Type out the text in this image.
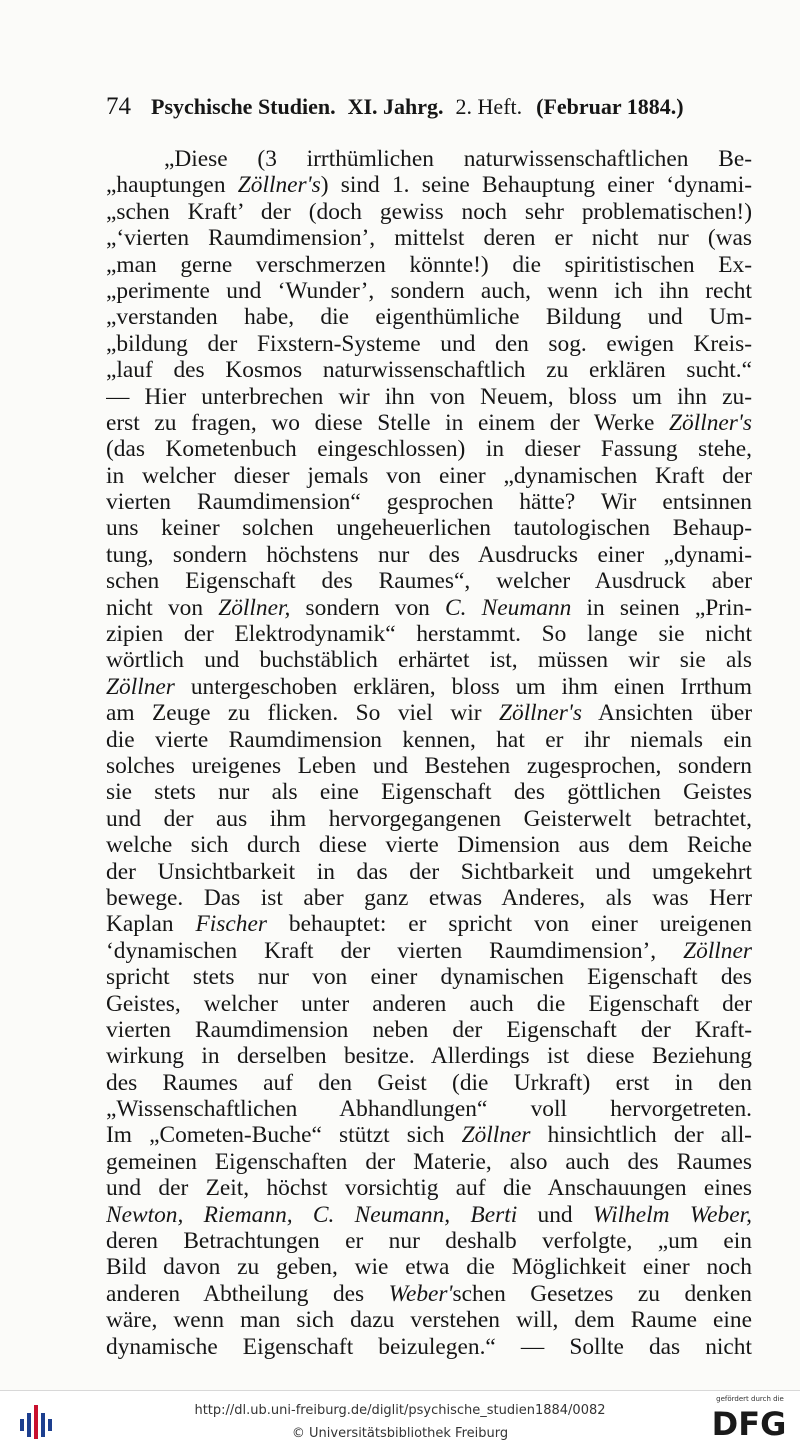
74 Psychische Studien. XI. Jahrg. 2. Heft. (Februar 1884.)
„Diese (3 irrthümlichen naturwissenschaftlichen Be-
„hauptungen Zöllner's) sind 1. seine Behauptung einer ‘dynami-
„schen Kraft’ der (doch gewiss noch sehr problematischen!)
„‘vierten Raumdimension’, mittelst deren er nicht nur (was
„man gerne verschmerzen könnte!) die spiritistischen Ex-
„perimente und ‘Wunder’, sondern auch, wenn ich ihn recht
„verstanden habe, die eigenthümliche Bildung und Um-
„bildung der Fixstern-Systeme und den sog. ewigen Kreis-
„lauf des Kosmos naturwissenschaftlich zu erklären sucht.“
— Hier unterbrechen wir ihn von Neuem, bloss um ihn zu-
erst zu fragen, wo diese Stelle in einem der Werke Zöllner's
(das Kometenbuch eingeschlossen) in dieser Fassung stehe,
in welcher dieser jemals von einer „dynamischen Kraft der
vierten Raumdimension“ gesprochen hätte? Wir entsinnen
uns keiner solchen ungeheuerlichen tautologischen Behaup-
tung, sondern höchstens nur des Ausdrucks einer „dynami-
schen Eigenschaft des Raumes“, welcher Ausdruck aber
nicht von Zöllner, sondern von C. Neumann in seinen „Prin-
zipien der Elektrodynamik“ herstammt. So lange sie nicht
wörtlich und buchstäblich erhärtet ist, müssen wir sie als
Zöllner untergeschoben erklären, bloss um ihm einen Irrthum
am Zeuge zu flicken. So viel wir Zöllner's Ansichten über
die vierte Raumdimension kennen, hat er ihr niemals ein
solches ureigenes Leben und Bestehen zugesprochen, sondern
sie stets nur als eine Eigenschaft des göttlichen Geistes
und der aus ihm hervorgegangenen Geisterwelt betrachtet,
welche sich durch diese vierte Dimension aus dem Reiche
der Unsichtbarkeit in das der Sichtbarkeit und umgekehrt
bewege. Das ist aber ganz etwas Anderes, als was Herr
Kaplan Fischer behauptet: er spricht von einer ureigenen
‘dynamischen Kraft der vierten Raumdimension’, Zöllner
spricht stets nur von einer dynamischen Eigenschaft des
Geistes, welcher unter anderen auch die Eigenschaft der
vierten Raumdimension neben der Eigenschaft der Kraft-
wirkung in derselben besitze. Allerdings ist diese Beziehung
des Raumes auf den Geist (die Urkraft) erst in den
„Wissenschaftlichen Abhandlungen“ voll hervorgetreten.
Im „Cometen-Buche“ stützt sich Zöllner hinsichtlich der all-
gemeinen Eigenschaften der Materie, also auch des Raumes
und der Zeit, höchst vorsichtig auf die Anschauungen eines
Newton, Riemann, C. Neumann, Berti und Wilhelm Weber,
deren Betrachtungen er nur deshalb verfolgte, „um ein
Bild davon zu geben, wie etwa die Möglichkeit einer noch
anderen Abtheilung des Weber'schen Gesetzes zu denken
wäre, wenn man sich dazu verstehen will, dem Raume eine
dynamische Eigenschaft beizulegen.“ — Sollte das nicht
http://dl.ub.uni-freiburg.de/diglit/psychische_studien1884/0082
© Universitätsbibliothek Freiburg
gefördert durch die
DFG
